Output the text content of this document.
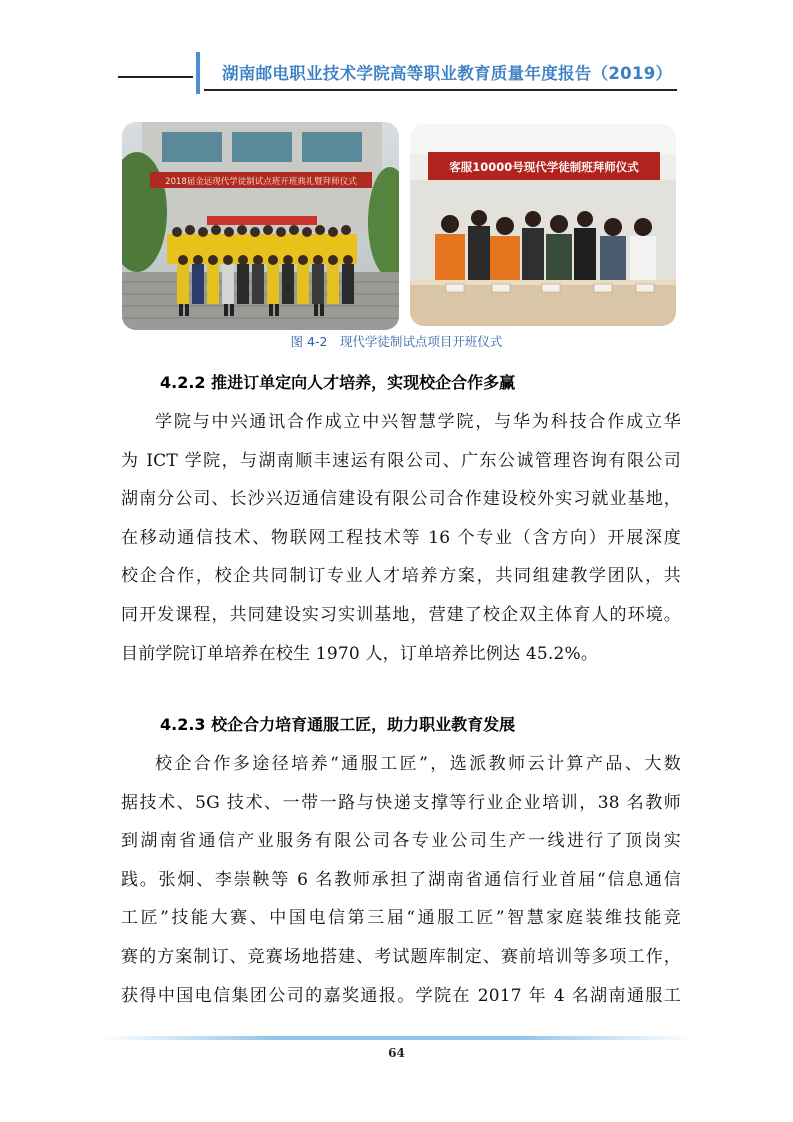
湖南邮电职业技术学院高等职业教育质量年度报告（2019）
2018届金远现代学徒制试点班开班典礼暨拜师仪式
客服10000号现代学徒制班拜师仪式
图 4-2　现代学徒制试点项目开班仪式
4.2.2 推进订单定向人才培养，实现校企合作多赢
学院与中兴通讯合作成立中兴智慧学院，与华为科技合作成立华
为 ICT 学院，与湖南顺丰速运有限公司、广东公诚管理咨询有限公司
湖南分公司、长沙兴迈通信建设有限公司合作建设校外实习就业基地，
在移动通信技术、物联网工程技术等 16 个专业（含方向）开展深度
校企合作，校企共同制订专业人才培养方案，共同组建教学团队，共
同开发课程，共同建设实习实训基地，营建了校企双主体育人的环境。
目前学院订单培养在校生 1970 人，订单培养比例达 45.2%。
4.2.3 校企合力培育通服工匠，助力职业教育发展
校企合作多途径培养“通服工匠”，选派教师云计算产品、大数
据技术、5G 技术、一带一路与快递支撑等行业企业培训，38 名教师
到湖南省通信产业服务有限公司各专业公司生产一线进行了顶岗实
践。张炯、李崇鞅等 6 名教师承担了湖南省通信行业首届“信息通信
工匠”技能大赛、中国电信第三届“通服工匠”智慧家庭装维技能竞
赛的方案制订、竞赛场地搭建、考试题库制定、赛前培训等多项工作，
获得中国电信集团公司的嘉奖通报。学院在 2017 年 4 名湖南通服工
64
